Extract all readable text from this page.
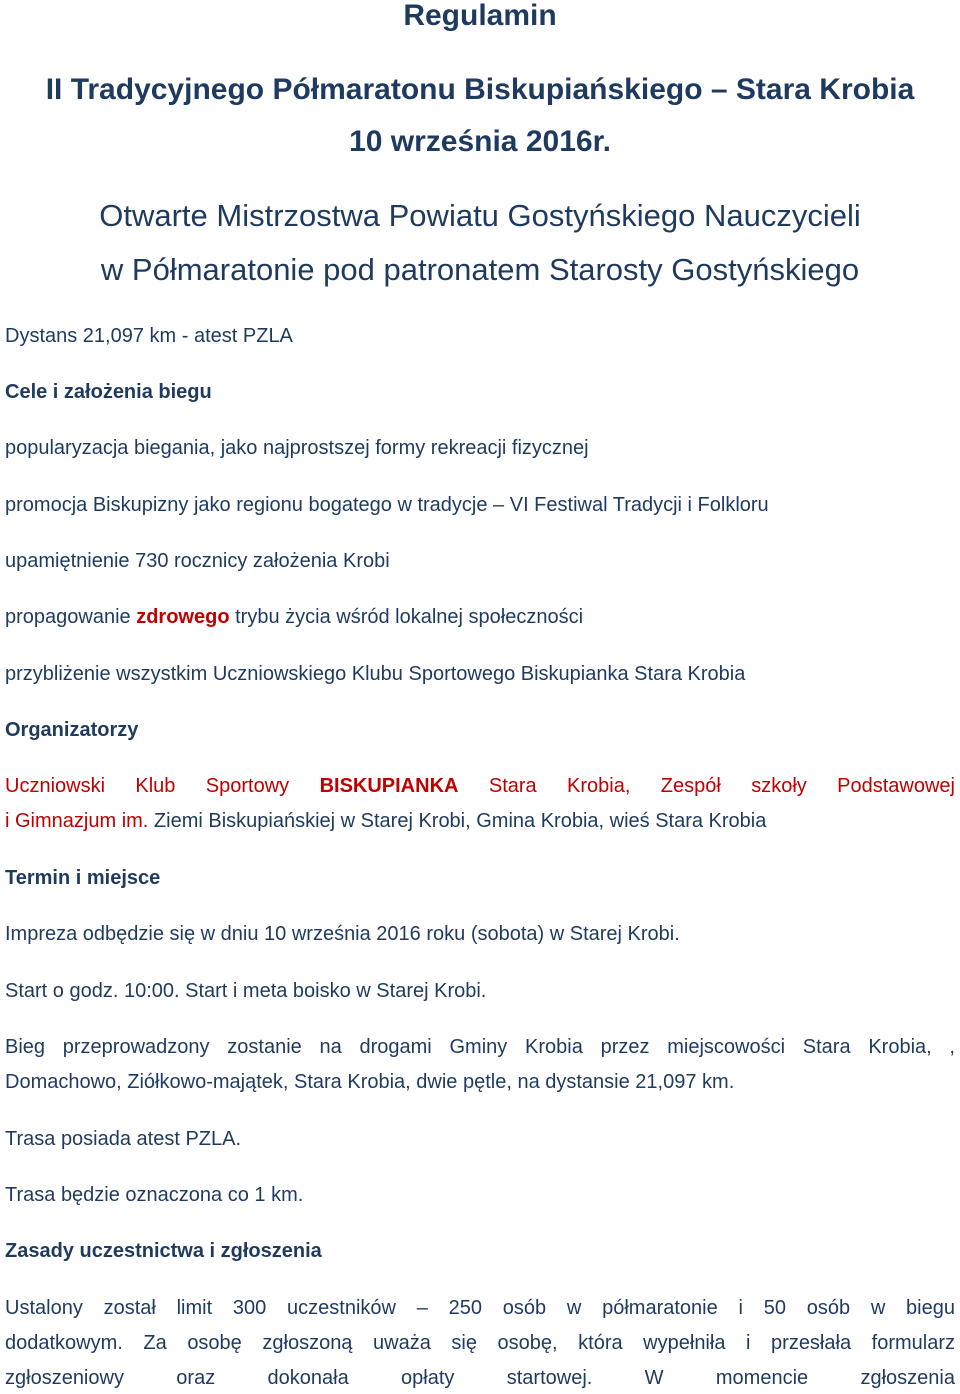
Regulamin
II Tradycyjnego Półmaratonu Biskupiańskiego – Stara Krobia
10 września 2016r.
Otwarte Mistrzostwa Powiatu Gostyńskiego Nauczycieli
w Półmaratonie pod patronatem Starosty Gostyńskiego
Dystans 21,097 km - atest PZLA
Cele i założenia biegu
popularyzacja biegania, jako najprostszej formy rekreacji fizycznej
promocja Biskupizny jako regionu bogatego w tradycje – VI Festiwal Tradycji i Folkloru
upamiętnienie 730 rocznicy założenia Krobi
propagowanie zdrowego trybu życia wśród lokalnej społeczności
przybliżenie wszystkim Uczniowskiego Klubu Sportowego Biskupianka Stara Krobia
Organizatorzy
Uczniowski Klub Sportowy BISKUPIANKA Stara Krobia, Zespół szkoły Podstawowej
i Gimnazjum im. Ziemi Biskupiańskiej w Starej Krobi, Gmina Krobia, wieś Stara Krobia
Termin i miejsce
Impreza odbędzie się w dniu 10 września 2016 roku (sobota) w Starej Krobi.
Start o godz. 10:00. Start i meta boisko w Starej Krobi.
Bieg przeprowadzony zostanie na drogami Gminy Krobia przez miejscowości Stara Krobia, ,
Domachowo, Ziółkowo-majątek, Stara Krobia, dwie pętle, na dystansie 21,097 km.
Trasa posiada atest PZLA.
Trasa będzie oznaczona co 1 km.
Zasady uczestnictwa i zgłoszenia
Ustalony został limit 300 uczestników – 250 osób w półmaratonie i 50 osób w biegu
dodatkowym. Za osobę zgłoszoną uważa się osobę, która wypełniła i przesłała formularz
zgłoszeniowy oraz dokonała opłaty startowej. W momencie zgłoszenia
